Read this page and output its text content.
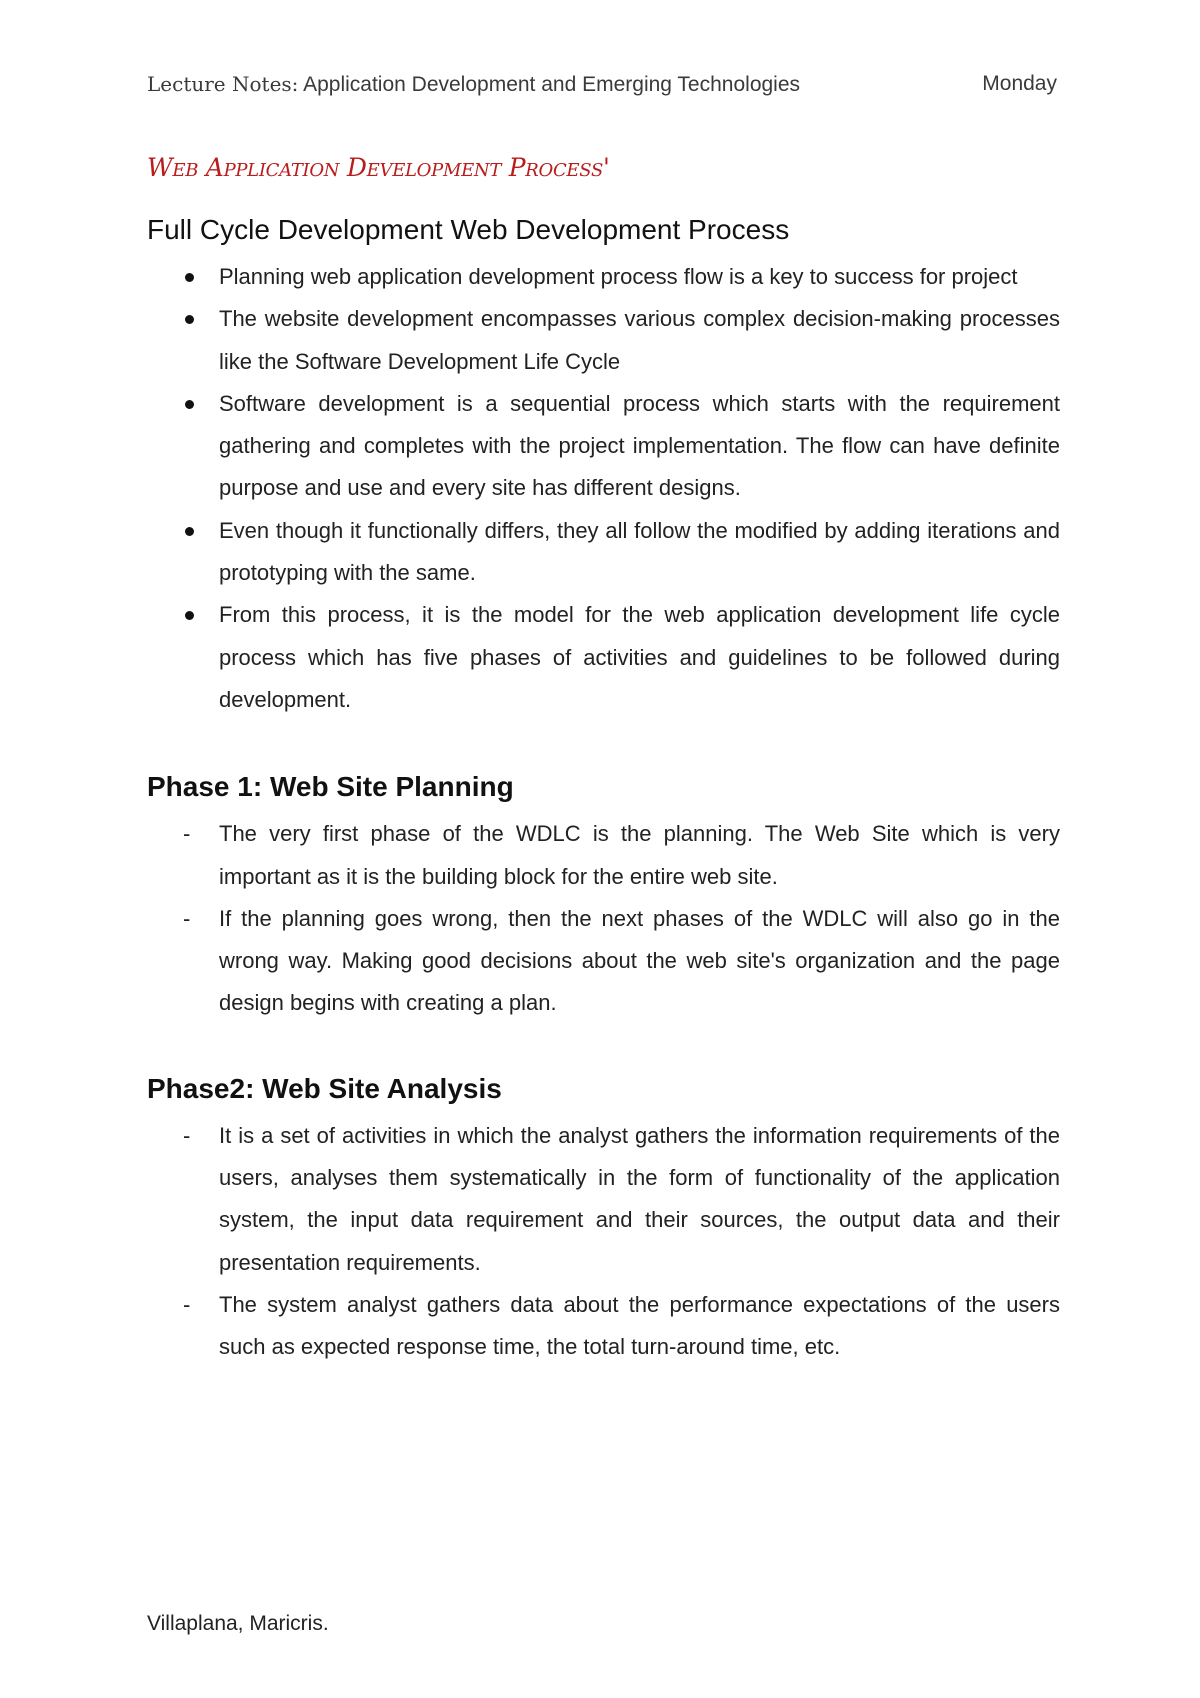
Lecture Notes: Application Development and Emerging Technologies	Monday
Web Application Development Process'
Full Cycle Development Web Development Process
Planning web application development process flow is a key to success for project
The website development encompasses various complex decision-making processes like the Software Development Life Cycle
Software development is a sequential process which starts with the requirement gathering and completes with the project implementation. The flow can have definite purpose and use and every site has different designs.
Even though it functionally differs, they all follow the modified by adding iterations and prototyping with the same.
From this process, it is the model for the web application development life cycle process which has five phases of activities and guidelines to be followed during development.
Phase 1: Web Site Planning
- The very first phase of the WDLC is the planning. The Web Site which is very important as it is the building block for the entire web site.
- If the planning goes wrong, then the next phases of the WDLC will also go in the wrong way. Making good decisions about the web site's organization and the page design begins with creating a plan.
Phase2: Web Site Analysis
- It is a set of activities in which the analyst gathers the information requirements of the users, analyses them systematically in the form of functionality of the application system, the input data requirement and their sources, the output data and their presentation requirements.
- The system analyst gathers data about the performance expectations of the users such as expected response time, the total turn-around time, etc.
Villaplana, Maricris.
